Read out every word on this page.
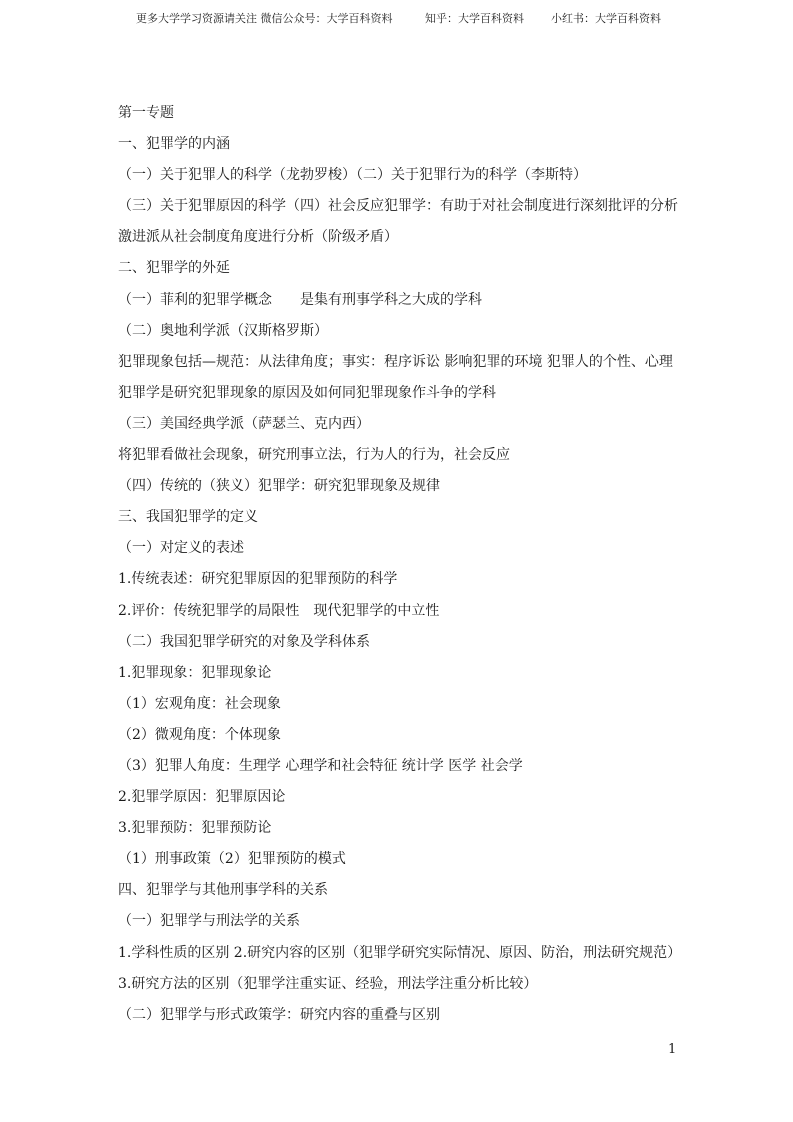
更多大学学习资源请关注 微信公众号：大学百科资料	知乎：大学百科资料 小红书：大学百科资料
第一专题
一、犯罪学的内涵
（一）关于犯罪人的科学（龙勃罗梭）（二）关于犯罪行为的科学（李斯特）
（三）关于犯罪原因的科学（四）社会反应犯罪学：有助于对社会制度进行深刻批评的分析
激进派从社会制度角度进行分析（阶级矛盾）
二、犯罪学的外延
（一）菲利的犯罪学概念　　是集有刑事学科之大成的学科
（二）奥地利学派（汉斯格罗斯）
犯罪现象包括—规范：从法律角度；事实：程序诉讼 影响犯罪的环境 犯罪人的个性、心理
犯罪学是研究犯罪现象的原因及如何同犯罪现象作斗争的学科
（三）美国经典学派（萨瑟兰、克内西）
将犯罪看做社会现象，研究刑事立法，行为人的行为，社会反应
（四）传统的（狭义）犯罪学：研究犯罪现象及规律
三、我国犯罪学的定义
（一）对定义的表述
1.传统表述：研究犯罪原因的犯罪预防的科学
2.评价：传统犯罪学的局限性　现代犯罪学的中立性
（二）我国犯罪学研究的对象及学科体系
1.犯罪现象：犯罪现象论
（1）宏观角度：社会现象
（2）微观角度：个体现象
（3）犯罪人角度：生理学 心理学和社会特征 统计学 医学 社会学
2.犯罪学原因：犯罪原因论
3.犯罪预防：犯罪预防论
（1）刑事政策（2）犯罪预防的模式
四、犯罪学与其他刑事学科的关系
（一）犯罪学与刑法学的关系
1.学科性质的区别 2.研究内容的区别（犯罪学研究实际情况、原因、防治，刑法研究规范）
3.研究方法的区别（犯罪学注重实证、经验，刑法学注重分析比较）
（二）犯罪学与形式政策学：研究内容的重叠与区别
1
